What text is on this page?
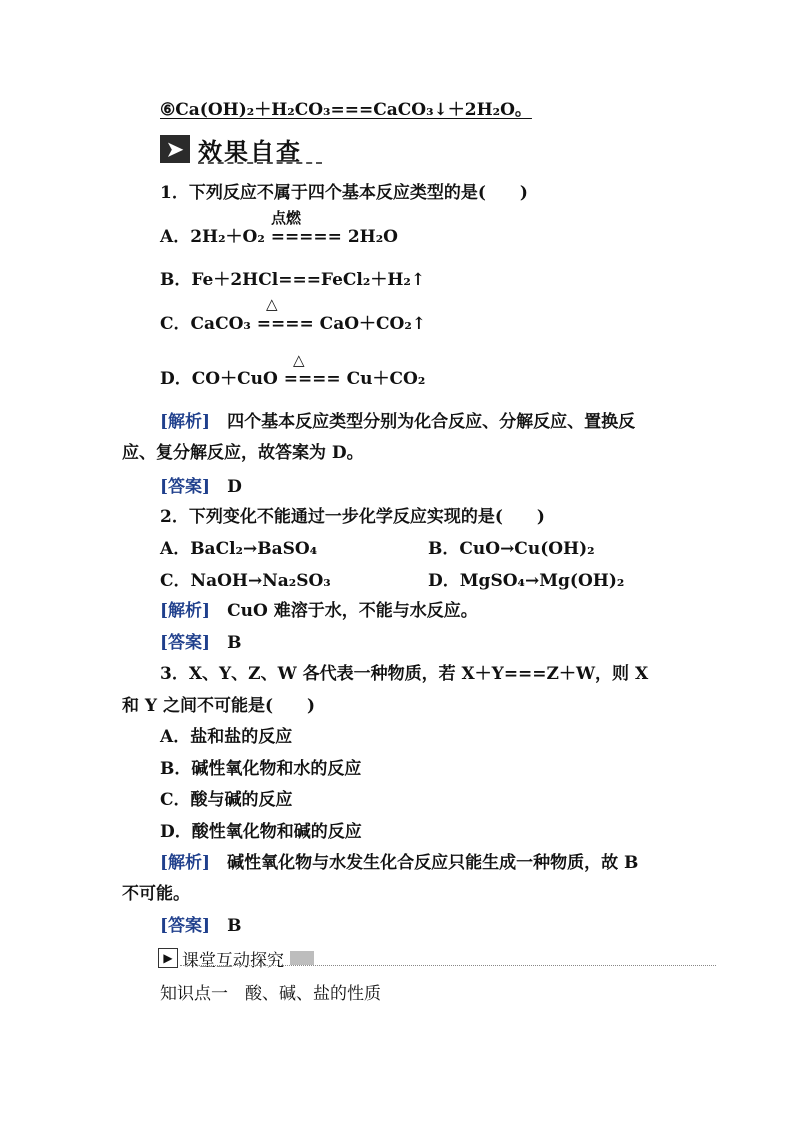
⑥Ca(OH)₂＋H₂CO₃===CaCO₃↓＋2H₂O。
➤ 效果自查
1．下列反应不属于四个基本反应类型的是(　　)
点燃
A．2H₂＋O₂ ===== 2H₂O
B．Fe＋2HCl===FeCl₂＋H₂↑
△
C．CaCO₃ ==== CaO＋CO₂↑
△
D．CO＋CuO ==== Cu＋CO₂
[解析]　 四个基本反应类型分别为化合反应、分解反应、置换反
应、复分解反应，故答案为 D。
[答案]　 D
2．下列变化不能通过一步化学反应实现的是(　　)
A．BaCl₂→BaSO₄	B．CuO→Cu(OH)₂
C．NaOH→Na₂SO₃	D．MgSO₄→Mg(OH)₂
[解析]　 CuO 难溶于水，不能与水反应。
[答案]　 B
3．X、Y、Z、W 各代表一种物质，若 X＋Y===Z＋W，则 X
和 Y 之间不可能是(　　)
A．盐和盐的反应
B．碱性氧化物和水的反应
C．酸与碱的反应
D．酸性氧化物和碱的反应
[解析]　 碱性氧化物与水发生化合反应只能生成一种物质，故 B
不可能。
[答案]　 B
▶ 课堂互动探究
知识点一　酸、碱、盐的性质
